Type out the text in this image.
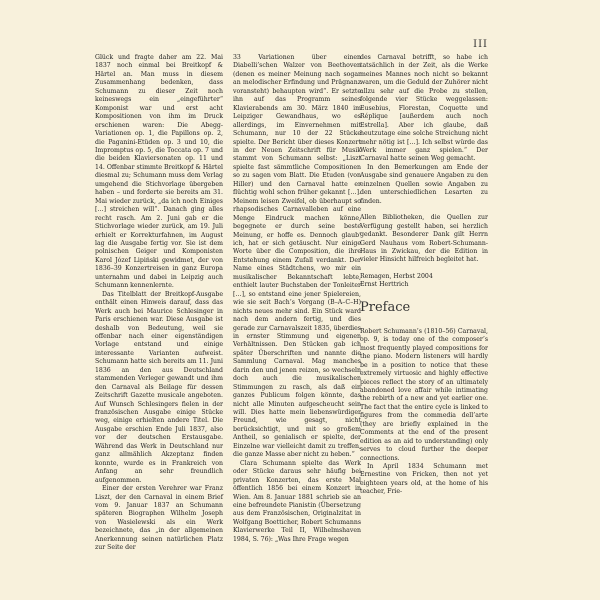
III

Glück und fragte daher am 22. Mai 1837 noch einmal bei Breitkopf & Härtel an. Man muss in diesem Zusammenhang bedenken, dass Schumann zu dieser Zeit noch keineswegs ein „eingeführter“ Komponist war und erst acht Kompositionen von ihm im Druck erschienen waren: Die Abegg-Variationen op. 1, die Papillons op. 2, die Paganini-Etüden op. 3 und 10, die Impromptus op. 5, die Toccata op. 7 und die beiden Klaviersonaten op. 11 und 14. Offenbar stimmte Breitkopf & Härtel diesmal zu; Schumann muss dem Verlag umgehend die Stichvorlage übergeben haben – und forderte sie bereits am 31. Mai wieder zurück, „da ich noch Einiges […] streichen will“. Danach ging alles recht rasch. Am 2. Juni gab er die Stichvorlage wieder zurück, am 19. Juli erhielt er Korrekturfahnen, im August lag die Ausgabe fertig vor. Sie ist dem polnischen Geiger und Komponisten Karol Józef Lipiński gewidmet, der von 1836–39 Konzertreisen in ganz Europa unternahm und dabei in Leipzig auch Schumann kennenlernte.

Das Titelblatt der Breitkopf-Ausgabe enthält einen Hinweis darauf, dass das Werk auch bei Maurice Schlesinger in Paris erschienen war. Diese Ausgabe ist deshalb von Bedeutung, weil sie offenbar nach einer eigenständigen Vorlage entstand und einige interessante Varianten aufweist. Schumann hatte sich bereits am 11. Juni 1836 an den aus Deutschland stammenden Verleger gewandt und ihm den Carnaval als Beilage für dessen Zeitschrift Gazette musicale angeboten. Auf Wunsch Schlesingers fielen in der französischen Ausgabe einige Stücke weg, einige erhielten andere Titel. Die Ausgabe erschien Ende Juli 1837, also vor der deutschen Erstausgabe. Während das Werk in Deutschland nur ganz allmählich Akzeptanz finden konnte, wurde es in Frankreich von Anfang an sehr freundlich aufgenommen.

Einer der ersten Verehrer war Franz Liszt, der den Carnaval in einem Brief vom 9. Januar 1837 an Schumann späteren Biographen Wilhelm Joseph von Wasielewski als ein Werk bezeichnete, das „in der allgemeinen Anerkennung seinen natürlichen Platz zur Seite der

33 Variationen über einen Diabelli’schen Walzer von Beethoven (denen es meiner Meinung nach sogar an melodischer Erfindung und Prägnanz voransteht) behaupten wird“. Er setzte ihn auf das Programm seines Klavierabends am 30. März 1840 im Leipziger Gewandhaus, wo es allerdings, im Einvernehmen mit Schumann, nur 10 der 22 Stücke spielte. Der Bericht über dieses Konzert in der Neuen Zeitschrift für Musik stammt von Schumann selbst: „Liszt spielte fast sämmtliche Compositionen so zu sagen vom Blatt. Die Etuden (von Hiller) und den Carnaval hatte er flüchtig wohl schon früher gekannt […]. Meinem leisen Zweifel, ob überhaupt so rhapsodisches Carnavalleben auf eine Menge Eindruck machen könne, begegnete er durch seine beste Meinung, er hoffe es. Dennoch glaub’ ich, hat er sich getäuscht. Nur einige Worte über die Composition, die ihre Entstehung einem Zufall verdankt. Der Name eines Städtchens, wo mir ein musikalischer Bekanntschaft lebte, enthielt lauter Buchstaben der Tonleiter […], so entstand eine jener Spielereien, wie sie seit Bach’s Vorgang (B–A–C–H) nichts neues mehr sind. Ein Stück ward nach dem andern fertig, und dies gerade zur Carnavalszeit 1835, überdies in ernster Stimmung und eigenen Verhältnissen. Den Stücken gab ich später Überschriften und nannte die Sammlung Carnaval. Mag manches darin den und jenen reizen, so wechseln doch auch die musikalischen Stimmungen zu rasch, als daß ein ganzes Publicum folgen könnte, das nicht alle Minuten aufgescheucht sein will. Dies hatte mein liebenswürdiger Freund, wie gesagt, nicht berücksichtigt, und mit so großem Antheil, so genialisch er spielte, der Einzelne war vielleicht damit zu treffen, die ganze Masse aber nicht zu heben.“

Clara Schumann spielte das Werk oder Stücke daraus sehr häufig bei privaten Konzerten, das erste Mal öffentlich 1856 bei einem Konzert in Wien. Am 8. Januar 1881 schrieb sie an eine befreundete Pianistin (Übersetzung aus dem Französischen, Originalzitat in Wolfgang Boetticher, Robert Schumanns Klavierwerke Teil II, Wilhelmshaven 1984, S. 76): „Was Ihre Frage wegen

des Carnaval betrifft, so habe ich tatsächlich in der Zeit, als die Werke meines Mannes noch nicht so bekannt waren, um die Geduld der Zuhörer nicht allzu sehr auf die Probe zu stellen, folgende vier Stücke weggelassen: Eusebius, Florestan, Coquette und Réplique [außerdem auch noch Estrella]. Aber ich glaube, daß heutzutage eine solche Streichung nicht mehr nötig ist […]. Ich selbst würde das Werk immer ganz spielen.“ Der Carnaval hatte seinen Weg gemacht.

In den Bemerkungen am Ende der Ausgabe sind genauere Angaben zu den einzelnen Quellen sowie Angaben zu den unterschiedlichen Lesarten zu finden.

Allen Bibliotheken, die Quellen zur Verfügung gestellt haben, sei herzlich gedankt. Besonderer Dank gilt Herrn Gerd Nauhaus vom Robert-Schumann-Haus in Zwickau, der die Edition in vieler Hinsicht hilfreich begleitet hat.

Remagen, Herbst 2004

Ernst Herttrich

Preface

Robert Schumann’s (1810–56) Carnaval, op. 9, is today one of the composer’s most frequently played compositions for the piano. Modern listeners will hardly be in a position to notice that these extremely virtuosic and highly effective pieces reflect the story of an ultimately abandoned love affair while intimating the rebirth of a new and yet earlier one. The fact that the entire cycle is linked to figures from the commedia dell’arte (they are briefly explained in the Comments at the end of the present edition as an aid to understanding) only serves to cloud further the deeper connections.

In April 1834 Schumann met Ernestine von Fricken, then not yet eighteen years old, at the home of his teacher, Frie-
